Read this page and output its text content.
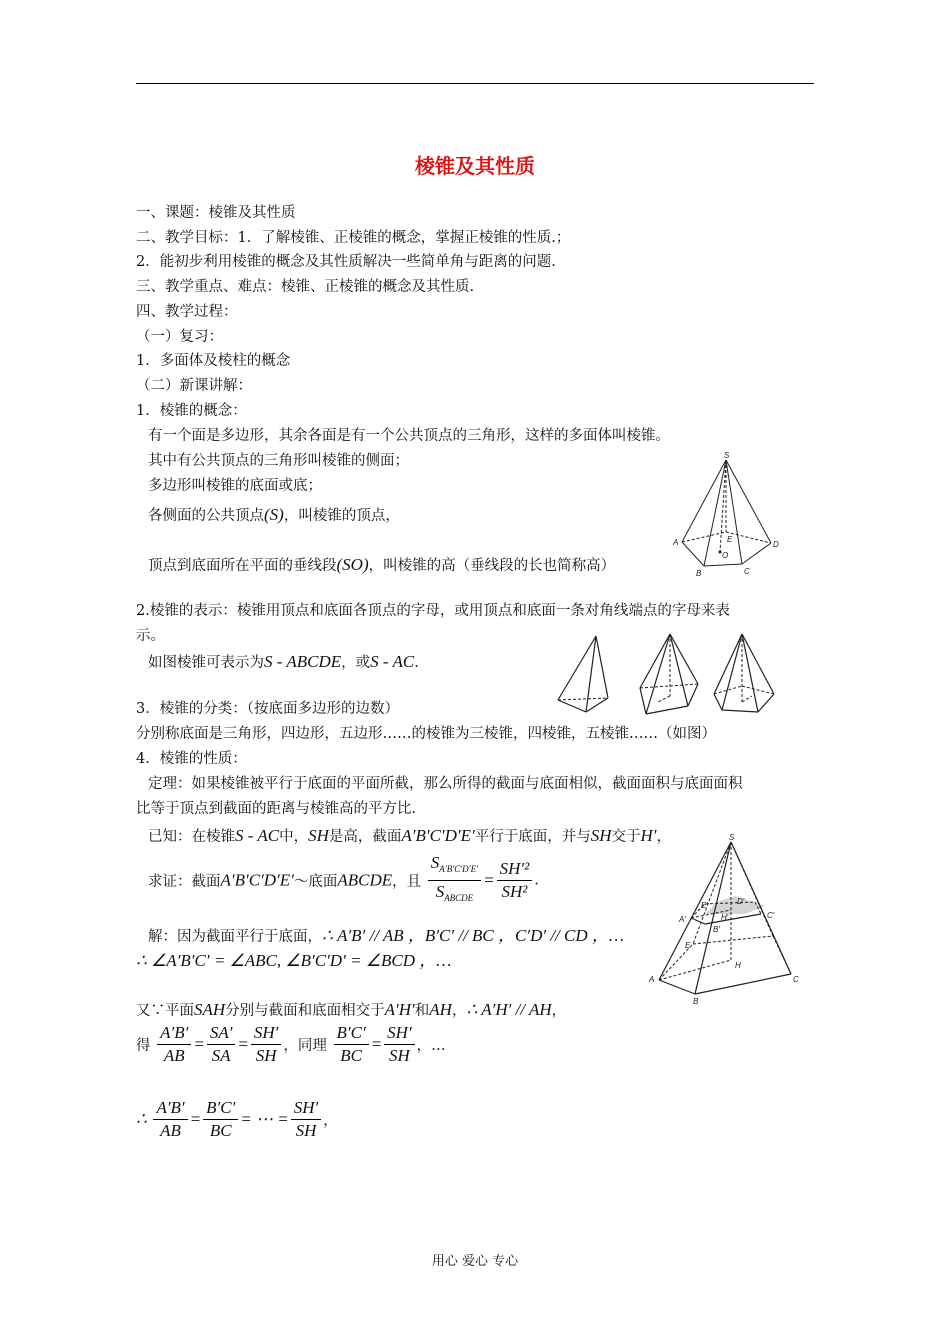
棱锥及其性质
一、课题：棱锥及其性质
二、教学目标：1．了解棱锥、正棱锥的概念，掌握正棱锥的性质.；
2．能初步利用棱锥的概念及其性质解决一些简单角与距离的问题.
三、教学重点、难点：棱锥、正棱锥的概念及其性质.
四、教学过程：
（一）复习：
1．多面体及棱柱的概念
（二）新课讲解：
1．棱锥的概念：
有一个面是多边形，其余各面是有一个公共顶点的三角形，这样的多面体叫棱锥。
其中有公共顶点的三角形叫棱锥的侧面；
多边形叫棱锥的底面或底；
各侧面的公共顶点(S)，叫棱锥的顶点，
顶点到底面所在平面的垂线段(SO)，叫棱锥的高（垂线段的长也简称高）
S
A
B	C
D
E
O
2.棱锥的表示：棱锥用顶点和底面各顶点的字母，或用顶点和底面一条对角线端点的字母来表
示。
如图棱锥可表示为S - ABCDE，或S - AC.
3．棱锥的分类：（按底面多边形的边数）
分别称底面是三角形，四边形，五边形……的棱锥为三棱锥，四棱锥，五棱锥……（如图）
4．棱锥的性质：
定理：如果棱锥被平行于底面的平面所截，那么所得的截面与底面相似，截面面积与底面面积
比等于顶点到截面的距离与棱锥高的平方比.
已知：在棱锥S - AC中，SH是高，截面A′B′C′D′E′平行于底面，并与SH交于H′，
求证：截面A′B′C′D′E′～底面ABCDE，且 $\frac{S_{A'B'C'D'E'}}{S_{ABCDE}} = \frac{\text{SH′²}}{\text{SH²}}$ .
解：因为截面平行于底面，∴ A′B′ // AB ，B′C′ // BC ，C′D′ // CD ，…
∴ ∠A′B′C′ = ∠ABC, ∠B′C′D′ = ∠BCD ，…
又∵平面SAH分别与截面和底面相交于A′H′和AH，∴ A′H′ // AH，
得 $\frac{A'B'}{AB} = \frac{SA'}{SA} = \frac{SH'}{SH}$ ，同理 $\frac{B'C'}{BC} = \frac{SH'}{SH}$ ，…
∴ $\frac{A'B'}{AB} = \frac{B'C'}{BC}$ = ⋯ = $\frac{SH'}{SH}$ ，
S
A
B
C
E
H
A′
E′	D′
C′
H′
B′
用心 爱心 专心
